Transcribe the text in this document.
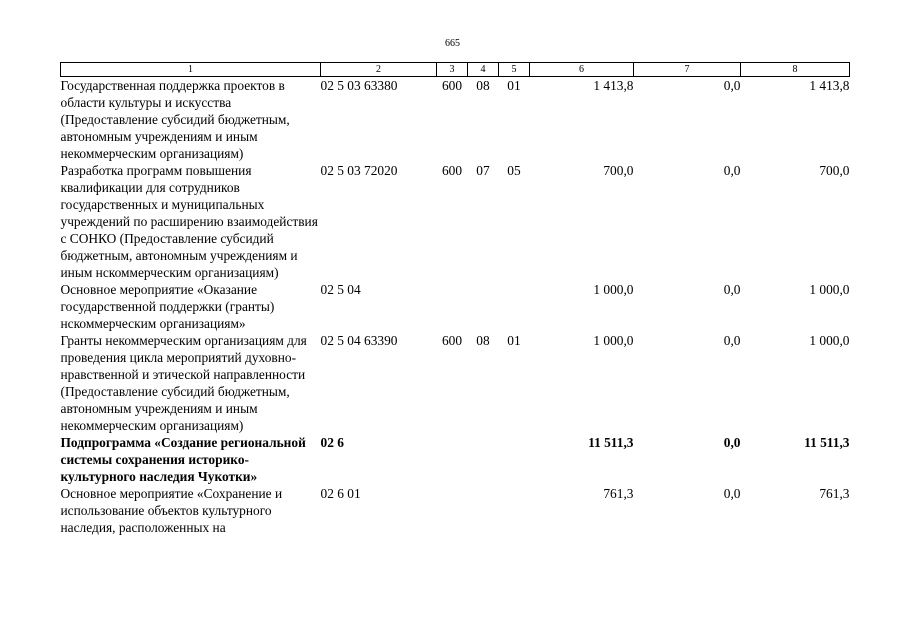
665
1	2	3	4	5	6	7	8
Государственная поддержка проектов в области культуры и искусства (Предоставление субсидий бюджетным, автономным учреждениям и иным некоммерческим организациям)	02 5 03 63380	600	08	01	1 413,8	0,0	1 413,8
Разработка программ повышения квалификации для сотрудников государственных и муниципальных учреждений по расширению взаимодействия с СОНКО (Предоставление субсидий бюджетным, автономным учреждениям и иным нскоммерческим организациям)	02 5 03 72020	600	07	05	700,0	0,0	700,0
Основное мероприятие «Оказание государственной поддержки (гранты) нскоммерческим организациям»	02 5 04				1 000,0	0,0	1 000,0
Гранты некоммерческим организациям для проведения цикла мероприятий духовно-нравственной и этической направленности (Предоставление субсидий бюджетным, автономным учреждениям и иным некоммерческим организациям)	02 5 04 63390	600	08	01	1 000,0	0,0	1 000,0
Подпрограмма «Создание региональной системы сохранения историко-культурного наследия Чукотки»	02 6				11 511,3	0,0	11 511,3
Основное мероприятие «Сохранение и использование объектов культурного наследия, расположенных на	02 6 01				761,3	0,0	761,3
